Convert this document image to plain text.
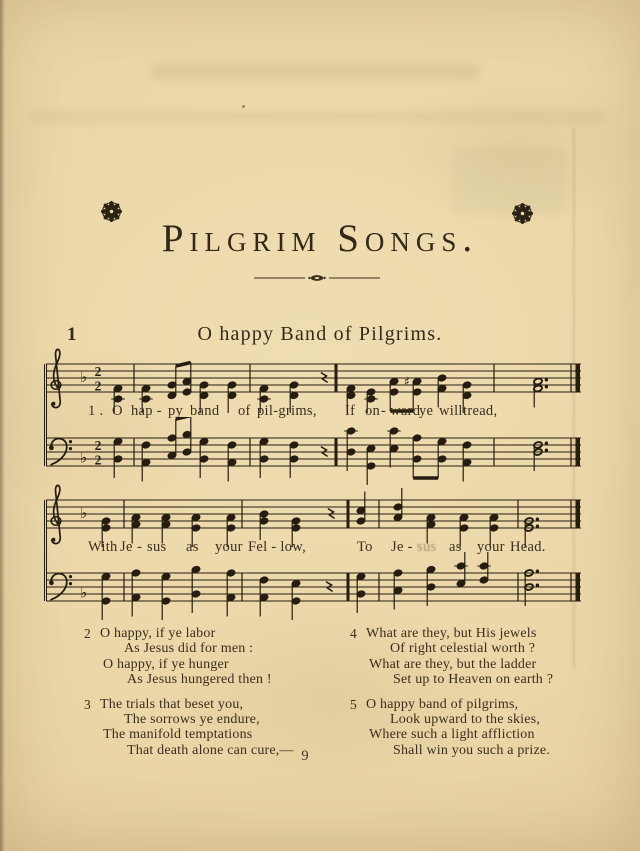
Pilgrim Songs.
1	O happy Band of Pilgrims.
♭ 2
2	♯
♭
2
2
♭
♭
1 . O hap - py band of pil-grims, If on - ward
ye will tread,
With Je - sus as your Fel - low,	To Je - sus as your Head.
O happy, if ye labor
2
As Jesus did for men :
O happy, if ye hunger
As Jesus hungered then !
The trials that beset you,
3
The sorrows ye endure,
The manifold temptations
That death alone can cure,—
What are they, but His jewels
4
Of right celestial worth ?
What are they, but the ladder
Set up to Heaven on earth ?
O happy band of pilgrims,
5
Look upward to the skies,
Where such a light affliction
Shall win you such a prize.
9
